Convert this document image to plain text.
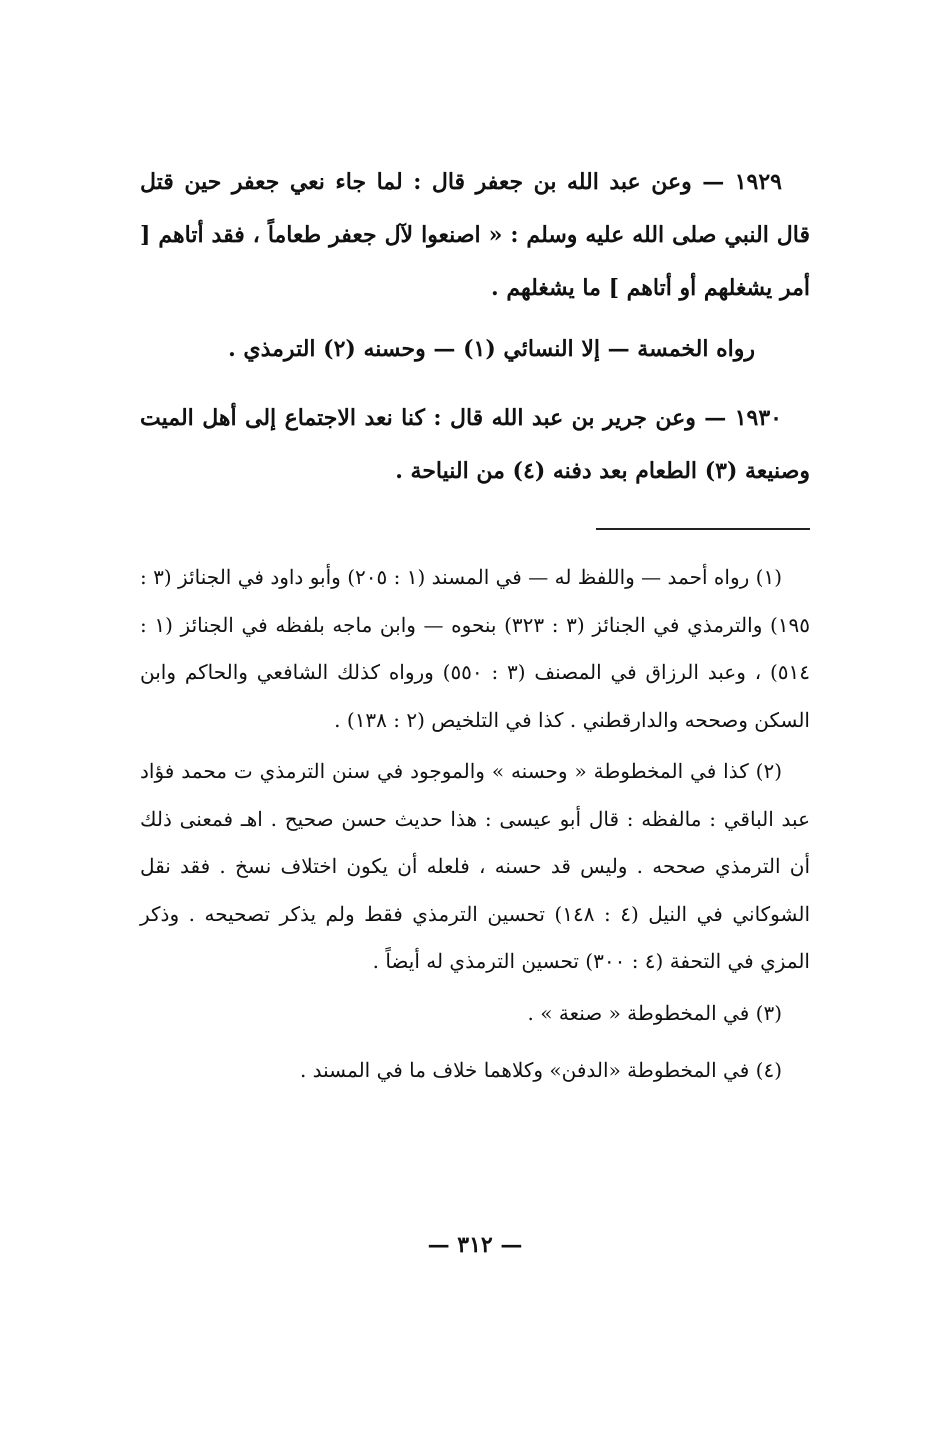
١٩٢٩ — وعن عبد الله بن جعفر قال : لما جاء نعي جعفر حين قتل قال النبي صلى الله عليه وسلم : « اصنعوا لآل جعفر طعاماً ، فقد أتاهم [ أمر يشغلهم أو أتاهم ] ما يشغلهم .

رواه الخمسة — إلا النسائي (١) — وحسنه (٢) الترمذي .

١٩٣٠ — وعن جرير بن عبد الله قال : كنا نعد الاجتماع إلى أهل الميت وصنيعة (٣) الطعام بعد دفنه (٤) من النياحة .

(١) رواه أحمد — واللفظ له — في المسند (١ : ٢٠٥) وأبو داود في الجنائز (٣ : ١٩٥) والترمذي في الجنائز (٣ : ٣٢٣) بنحوه — وابن ماجه بلفظه في الجنائز (١ : ٥١٤) ، وعبد الرزاق في المصنف (٣ : ٥٥٠) ورواه كذلك الشافعي والحاكم وابن السكن وصححه والدارقطني . كذا في التلخيص (٢ : ١٣٨) .

(٢) كذا في المخطوطة « وحسنه » والموجود في سنن الترمذي ت محمد فؤاد عبد الباقي : مالفظه : قال أبو عيسى : هذا حديث حسن صحيح . اهـ فمعنى ذلك أن الترمذي صححه . وليس قد حسنه ، فلعله أن يكون اختلاف نسخ . فقد نقل الشوكاني في النيل (٤ : ١٤٨) تحسين الترمذي فقط ولم يذكر تصحيحه . وذكر المزي في التحفة (٤ : ٣٠٠) تحسين الترمذي له أيضاً .

(٣) في المخطوطة « صنعة » .

(٤) في المخطوطة «الدفن» وكلاهما خلاف ما في المسند .

— ٣١٢ —
